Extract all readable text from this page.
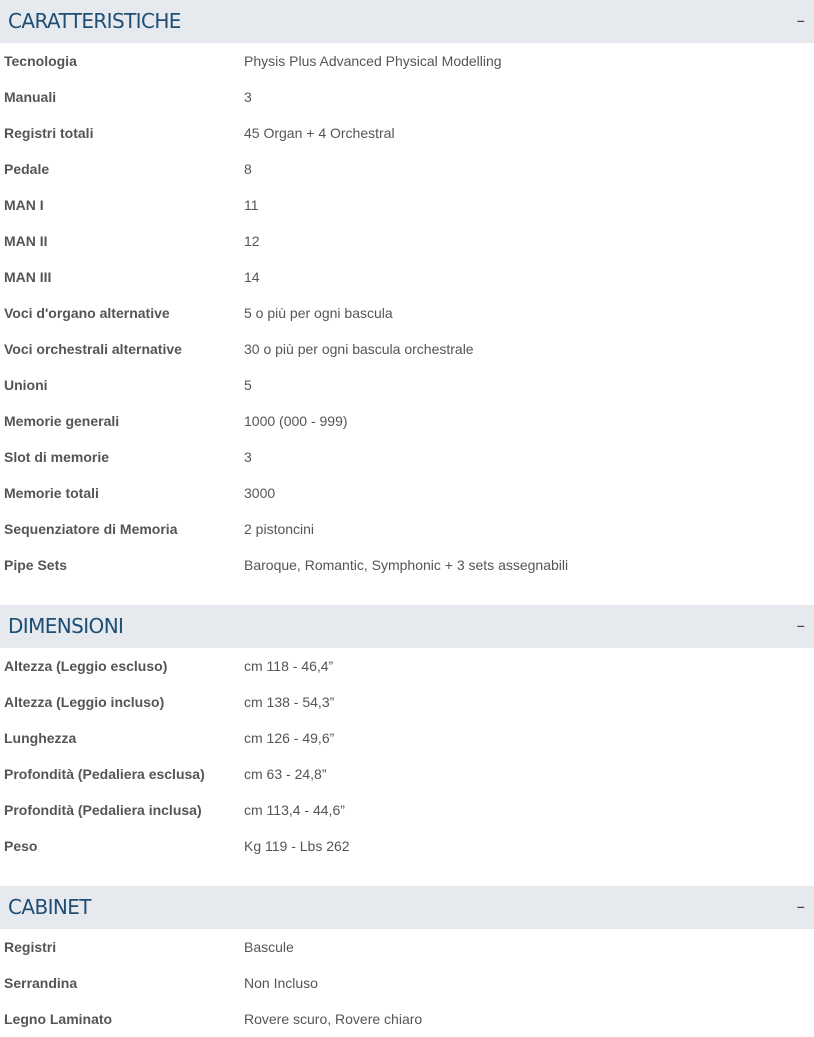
CARATTERISTICHE	–
Tecnologia	Physis Plus Advanced Physical Modelling
Manuali	3
Registri totali	45 Organ + 4 Orchestral
Pedale	8
MAN I	11
MAN II	12
MAN III	14
Voci d'organo alternative	5 o più per ogni bascula
Voci orchestrali alternative	30 o più per ogni bascula orchestrale
Unioni	5
Memorie generali	1000 (000 - 999)
Slot di memorie	3
Memorie totali	3000
Sequenziatore di Memoria	2 pistoncini
Pipe Sets	Baroque, Romantic, Symphonic + 3 sets assegnabili
DIMENSIONI	–
Altezza (Leggio escluso)	cm 118 - 46,4”
Altezza (Leggio incluso)	cm 138 - 54,3”
Lunghezza	cm 126 - 49,6”
Profondità (Pedaliera esclusa)	cm 63 - 24,8”
Profondità (Pedaliera inclusa)	cm 113,4 - 44,6”
Peso	Kg 119 - Lbs 262
CABINET	–
Registri	Bascule
Serrandina	Non Incluso
Legno Laminato	Rovere scuro, Rovere chiaro
